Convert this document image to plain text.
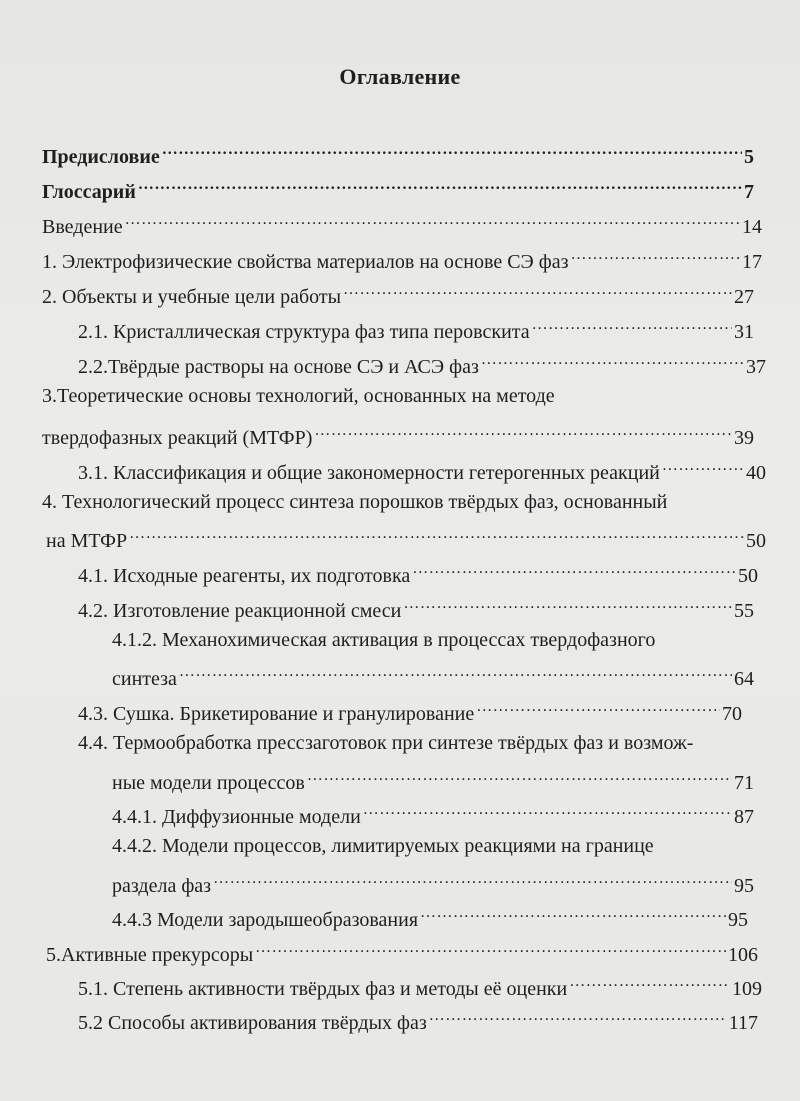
Оглавление
Предисловие ……………………………………………………………………………………………………………………………………………………………………………………………………	5
Глоссарий ……………………………………………………………………………………………………………………………………………………………………………………………………	7
Введение ……………………………………………………………………………………………………………………………………………………………………………………………………	14
1. Электрофизические свойства материалов на основе СЭ фаз ……………………………………………………………………………………………………………………………………………………………………………………………………	17
2. Объекты и учебные цели работы ……………………………………………………………………………………………………………………………………………………………………………………………………	27
2.1. Кристаллическая структура фаз типа перовскита ……………………………………………………………………………………………………………………………………………………………………………………………………	31
2.2.Твёрдые растворы на основе СЭ и АСЭ фаз ……………………………………………………………………………………………………………………………………………………………………………………………………	37
3.Теоретические основы технологий, основанных на методе
твердофазных реакций (МТФР) ……………………………………………………………………………………………………………………………………………………………………………………………………	39
3.1. Классификация и общие закономерности гетерогенных реакций ……………………………………………………………………………………………………………………………………………………………………………………………………	40
4. Технологический процесс синтеза порошков твёрдых фаз, основанный
на МТФР ……………………………………………………………………………………………………………………………………………………………………………………………………	50
4.1. Исходные реагенты, их подготовка ……………………………………………………………………………………………………………………………………………………………………………………………………	50
4.2. Изготовление реакционной смеси ……………………………………………………………………………………………………………………………………………………………………………………………………	55
4.1.2. Механохимическая активация в процессах твердофазного
синтеза ……………………………………………………………………………………………………………………………………………………………………………………………………	64
4.3. Сушка. Брикетирование и гранулирование ……………………………………………………………………………………………………………………………………………………………………………………………………	70
4.4. Термообработка прессзаготовок при синтезе твёрдых фаз и возмож-
ные модели процессов ……………………………………………………………………………………………………………………………………………………………………………………………………	71
4.4.1. Диффузионные модели ……………………………………………………………………………………………………………………………………………………………………………………………………	87
4.4.2. Модели процессов, лимитируемых реакциями на границе
раздела фаз ……………………………………………………………………………………………………………………………………………………………………………………………………	95
4.4.3 Модели зародышеобразования ……………………………………………………………………………………………………………………………………………………………………………………………………	95
5.Активные прекурсоры ……………………………………………………………………………………………………………………………………………………………………………………………………	106
5.1. Степень активности твёрдых фаз и методы её оценки ……………………………………………………………………………………………………………………………………………………………………………………………………	109
5.2 Способы активирования твёрдых фаз ……………………………………………………………………………………………………………………………………………………………………………………………………	117
